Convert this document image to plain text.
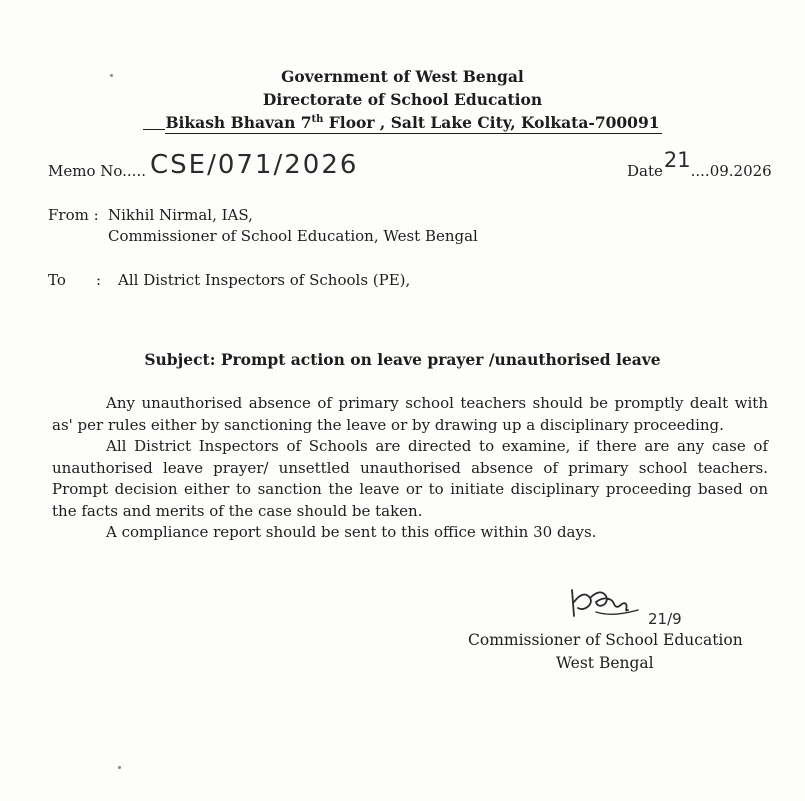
Government of West Bengal
Directorate of School Education
Bikash Bhavan 7th Floor , Salt Lake City, Kolkata-700091
Memo No..... CSE/071/2026	Date21....09.2026
From : Nikhil Nirmal, IAS,
Commissioner of School Education, West Bengal
To : All District Inspectors of Schools (PE),
Subject: Prompt action on leave prayer /unauthorised leave

Any unauthorised absence of primary school teachers should be promptly dealt with as' per rules either by sanctioning the leave or by drawing up a disciplinary proceeding.

All District Inspectors of Schools are directed to examine, if there are any case of unauthorised leave prayer/ unsettled unauthorised absence of primary school teachers. Prompt decision either to sanction the leave or to initiate disciplinary proceeding based on the facts and merits of the case should be taken.

A compliance report should be sent to this office within 30 days.

21/9
Commissioner of School Education
West Bengal
